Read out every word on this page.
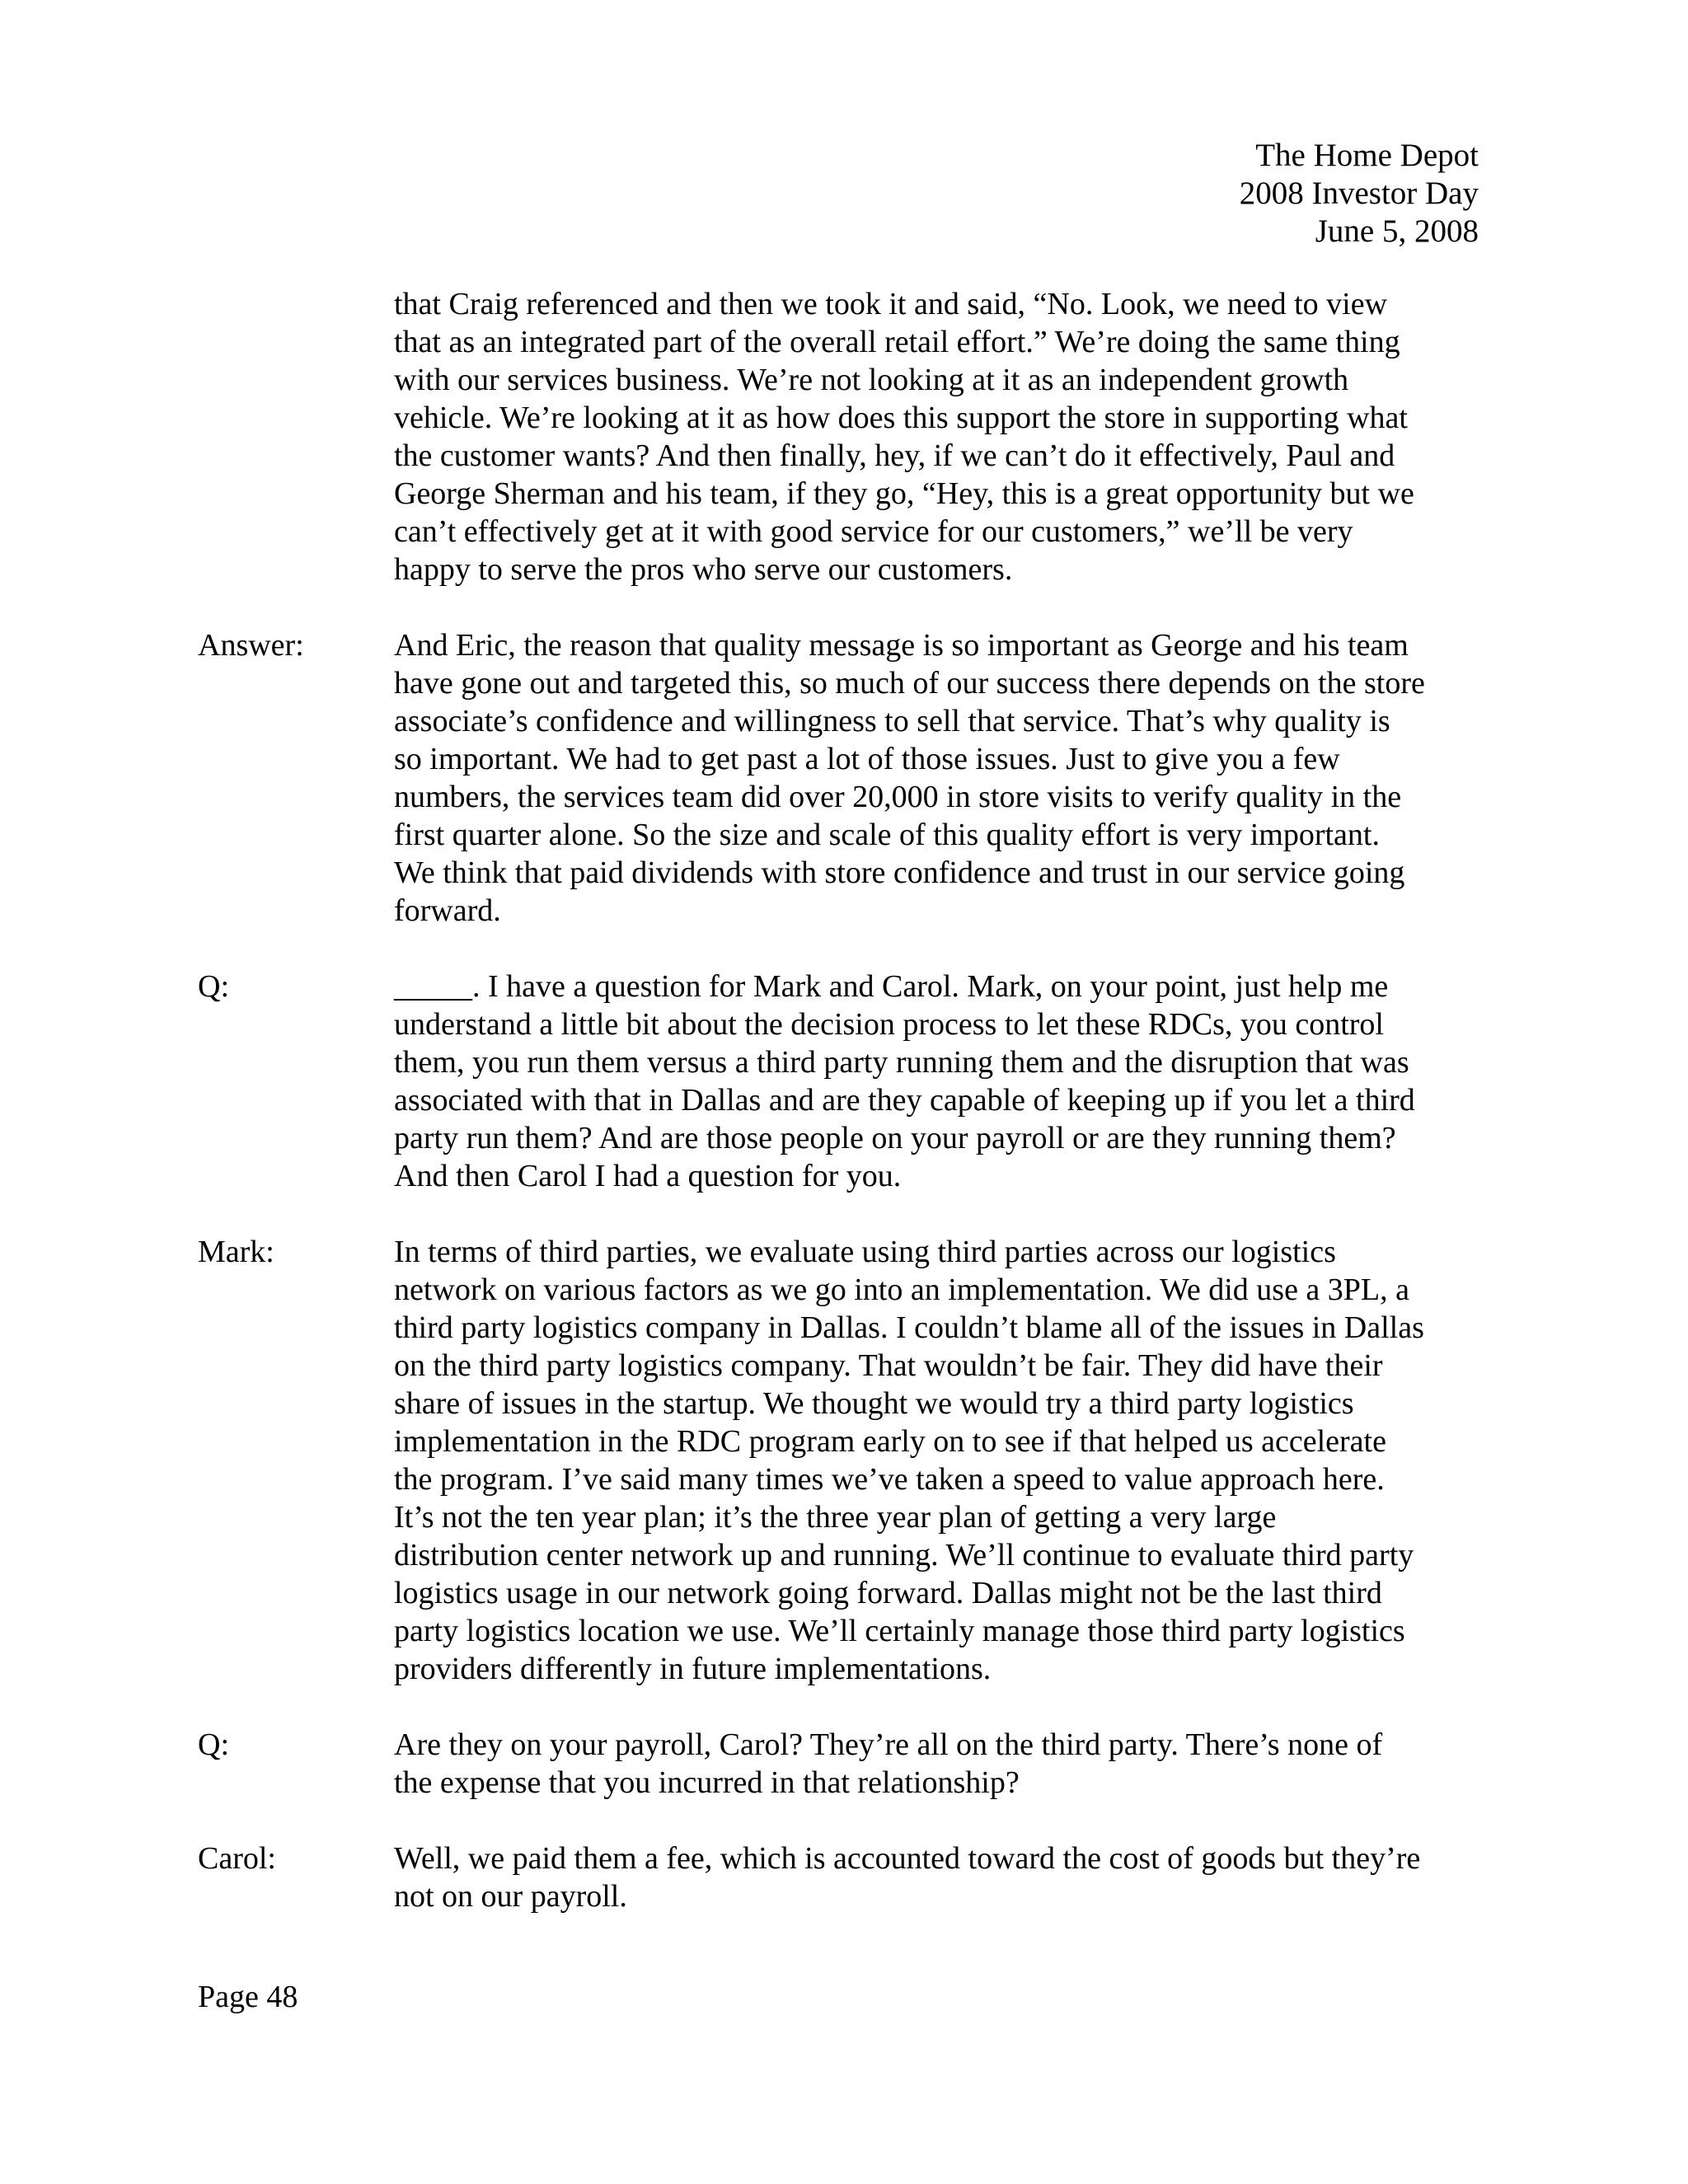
The Home Depot
2008 Investor Day
June 5, 2008
that Craig referenced and then we took it and said, “No. Look, we need to view
that as an integrated part of the overall retail effort.” We’re doing the same thing
with our services business. We’re not looking at it as an independent growth
vehicle. We’re looking at it as how does this support the store in supporting what
the customer wants? And then finally, hey, if we can’t do it effectively, Paul and
George Sherman and his team, if they go, “Hey, this is a great opportunity but we
can’t effectively get at it with good service for our customers,” we’ll be very
happy to serve the pros who serve our customers.
Answer:	And Eric, the reason that quality message is so important as George and his team
have gone out and targeted this, so much of our success there depends on the store
associate’s confidence and willingness to sell that service. That’s why quality is
so important. We had to get past a lot of those issues. Just to give you a few
numbers, the services team did over 20,000 in store visits to verify quality in the
first quarter alone. So the size and scale of this quality effort is very important.
We think that paid dividends with store confidence and trust in our service going
forward.
Q:	_____. I have a question for Mark and Carol. Mark, on your point, just help me
understand a little bit about the decision process to let these RDCs, you control
them, you run them versus a third party running them and the disruption that was
associated with that in Dallas and are they capable of keeping up if you let a third
party run them? And are those people on your payroll or are they running them?
And then Carol I had a question for you.
Mark:	In terms of third parties, we evaluate using third parties across our logistics
network on various factors as we go into an implementation. We did use a 3PL, a
third party logistics company in Dallas. I couldn’t blame all of the issues in Dallas
on the third party logistics company. That wouldn’t be fair. They did have their
share of issues in the startup. We thought we would try a third party logistics
implementation in the RDC program early on to see if that helped us accelerate
the program. I’ve said many times we’ve taken a speed to value approach here.
It’s not the ten year plan; it’s the three year plan of getting a very large
distribution center network up and running. We’ll continue to evaluate third party
logistics usage in our network going forward. Dallas might not be the last third
party logistics location we use. We’ll certainly manage those third party logistics
providers differently in future implementations.
Q:	Are they on your payroll, Carol? They’re all on the third party. There’s none of
the expense that you incurred in that relationship?
Carol:	Well, we paid them a fee, which is accounted toward the cost of goods but they’re
not on our payroll.
Page 48
